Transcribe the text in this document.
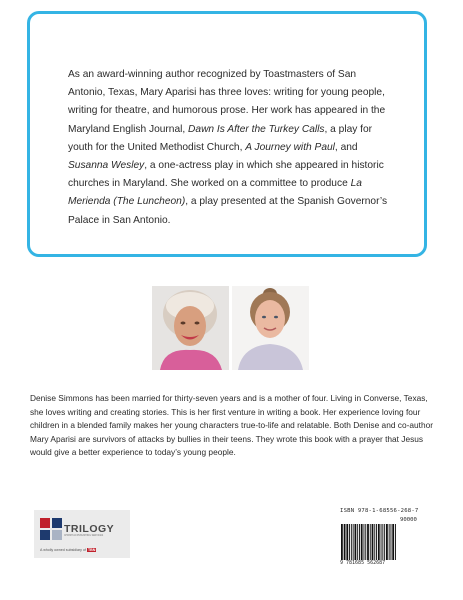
As an award-winning author recognized by Toastmasters of San Antonio, Texas, Mary Aparisi has three loves: writing for young people, writing for theatre, and humorous prose. Her work has appeared in the Maryland English Journal, Dawn Is After the Turkey Calls, a play for youth for the United Methodist Church, A Journey with Paul, and Susanna Wesley, a one-actress play in which she appeared in historic churches in Maryland. She worked on a committee to produce La Merienda (The Luncheon), a play presented at the Spanish Governor’s Palace in San Antonio.

Denise Simmons has been married for thirty-seven years and is a mother of four. Living in Converse, Texas, she loves writing and creating stories. This is her first venture in writing a book. Her experience loving four children in a blended family makes her young characters true-to-life and relatable. Both Denise and co-author Mary Aparisi are survivors of attacks by bullies in their teens. They wrote this book with a prayer that Jesus would give a better experience to today’s young people.

TRILOGY
CHRISTIAN PUBLISHING SERVICES
A wholly owned subsidiary of TBN
ISBN 978-1-68556-268-7
90000
9 781685 562687
